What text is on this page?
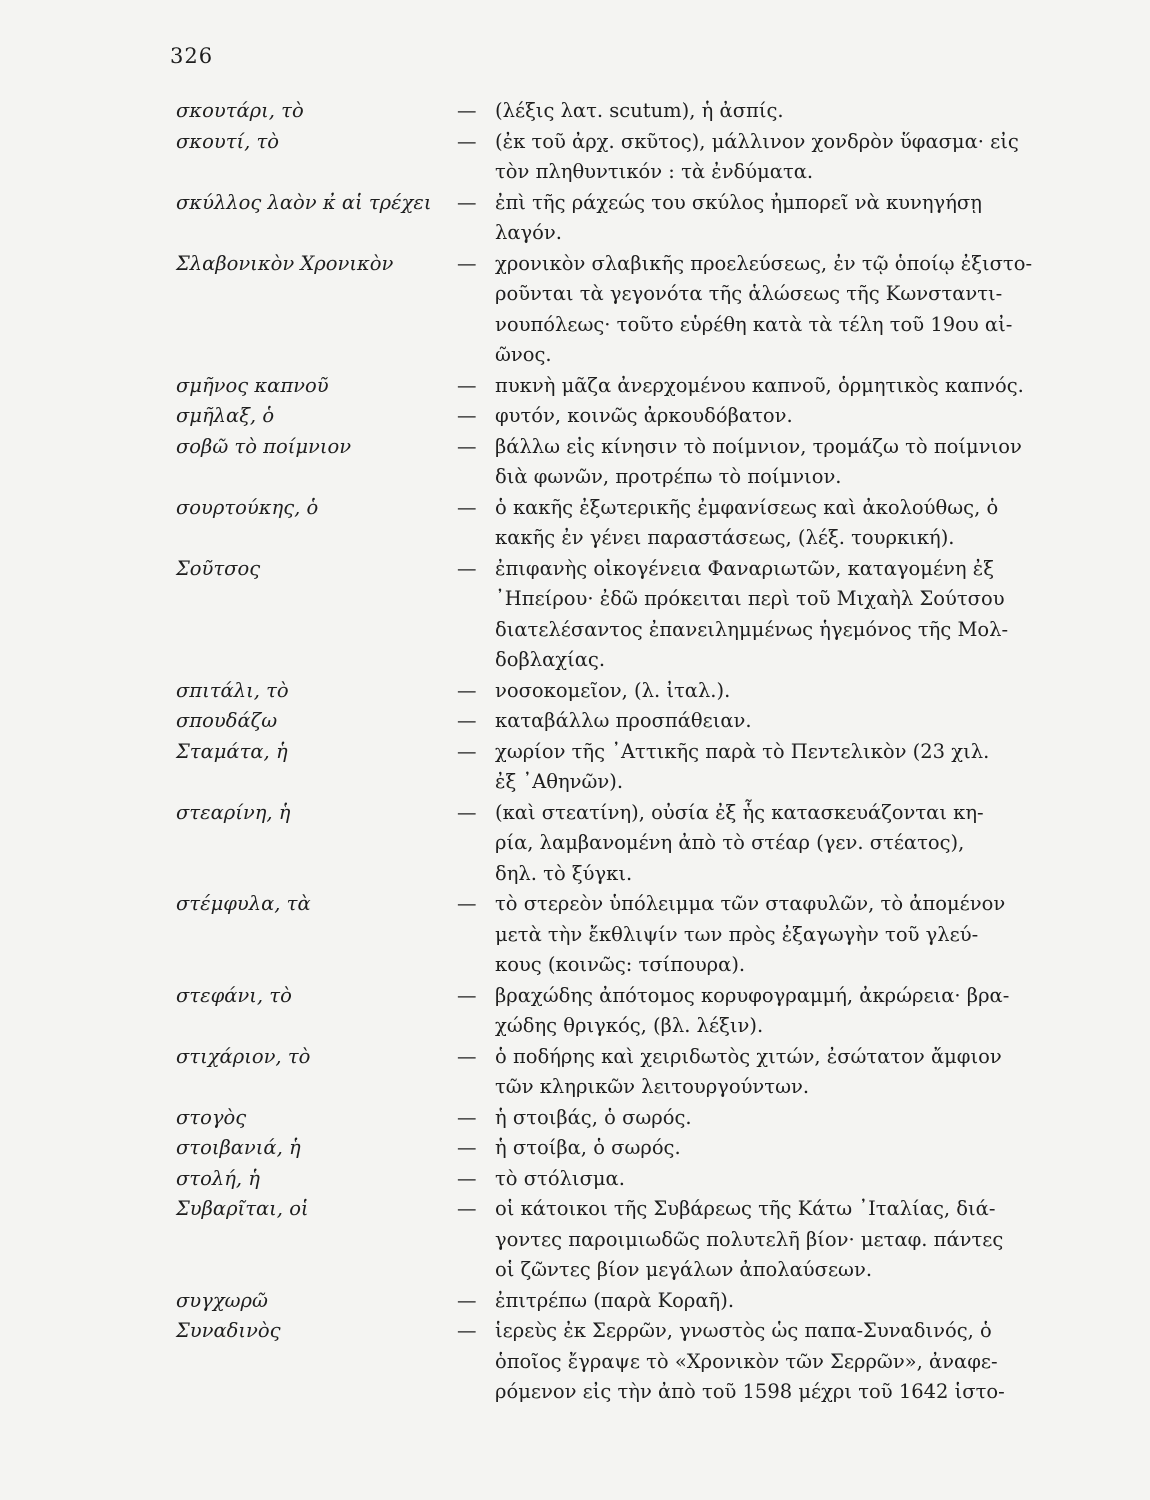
326
σκουτάρι, τὸ	— (λέξις λατ. scutum), ἡ ἀσπίς.
σκουτί, τὸ	— (ἐκ τοῦ ἀρχ. σκῦτος), μάλλινον χονδρὸν ὕφασμα· εἰς
τὸν πληθυντικόν : τὰ ἐνδύματα.
σκύλλος λαὸν κ̓ αἱ τρέχει — ἐπὶ τῆς ράχεώς του σκύλος ἠμπορεῖ νὰ κυνηγήσῃ
λαγόν.
Σλαβονικὸν Χρονικὸν	— χρονικὸν σλαβικῆς προελεύσεως, ἐν τῷ ὁποίῳ ἐξιστο-
ροῦνται τὰ γεγονότα τῆς ἁλώσεως τῆς Κωνσταντι-
νουπόλεως· τοῦτο εὑρέθη κατὰ τὰ τέλη τοῦ 19ου αἰ-
ῶνος.
σμῆνος καπνοῦ	— πυκνὴ μᾶζα ἀνερχομένου καπνοῦ, ὁρμητικὸς καπνός.
σμῆλαξ, ὁ	— φυτόν, κοινῶς ἀρκουδόβατον.
σοβῶ τὸ ποίμνιον	— βάλλω εἰς κίνησιν τὸ ποίμνιον, τρομάζω τὸ ποίμνιον
διὰ φωνῶν, προτρέπω τὸ ποίμνιον.
σουρτούκης, ὁ	— ὁ κακῆς ἐξωτερικῆς ἐμφανίσεως καὶ ἀκολούθως, ὁ
κακῆς ἐν γένει παραστάσεως, (λέξ. τουρκική).
Σοῦτσος	— ἐπιφανὴς οἰκογένεια Φαναριωτῶν, καταγομένη ἐξ
᾿Ηπείρου· ἐδῶ πρόκειται περὶ τοῦ Μιχαὴλ Σούτσου
διατελέσαντος ἐπανειλημμένως ἡγεμόνος τῆς Μολ-
δοβλαχίας.
σπιτάλι, τὸ	— νοσοκομεῖον, (λ. ἰταλ.).
σπουδάζω	— καταβάλλω προσπάθειαν.
Σταμάτα, ἡ	— χωρίον τῆς ᾿Αττικῆς παρὰ τὸ Πεντελικὸν (23 χιλ.
ἐξ ᾿Αθηνῶν).
στεαρίνη, ἡ	— (καὶ στεατίνη), οὐσία ἐξ ἧς κατασκευάζονται κη-
ρία, λαμβανομένη ἀπὸ τὸ στέαρ (γεν. στέατος),
δηλ. τὸ ξύγκι.
στέμφυλα, τὰ	— τὸ στερεὸν ὑπόλειμμα τῶν σταφυλῶν, τὸ ἀπομένον
μετὰ τὴν ἔκθλιψίν των πρὸς ἐξαγωγὴν τοῦ γλεύ-
κους (κοινῶς: τσίπουρα).
στεφάνι, τὸ	— βραχώδης ἀπότομος κορυφογραμμή, ἀκρώρεια· βρα-
χώδης θριγκός, (βλ. λέξιν).
στιχάριον, τὸ	— ὁ ποδήρης καὶ χειριδωτὸς χιτών, ἐσώτατον ἄμφιον
τῶν κληρικῶν λειτουργούντων.
στογὸς	— ἡ στοιβάς, ὁ σωρός.
στοιβανιά, ἡ	— ἡ στοίβα, ὁ σωρός.
στολή, ἡ	— τὸ στόλισμα.
Συβαρῖται, οἱ	— οἱ κάτοικοι τῆς Συβάρεως τῆς Κάτω ᾿Ιταλίας, διά-
γοντες παροιμιωδῶς πολυτελῆ βίον· μεταφ. πάντες
οἱ ζῶντες βίον μεγάλων ἀπολαύσεων.
συγχωρῶ	— ἐπιτρέπω (παρὰ Κοραῆ).
Συναδινὸς	— ἱερεὺς ἐκ Σερρῶν, γνωστὸς ὡς παπα-Συναδινός, ὁ
ὁποῖος ἔγραψε τὸ «Χρονικὸν τῶν Σερρῶν», ἀναφε-
ρόμενον εἰς τὴν ἀπὸ τοῦ 1598 μέχρι τοῦ 1642 ἱστο-
